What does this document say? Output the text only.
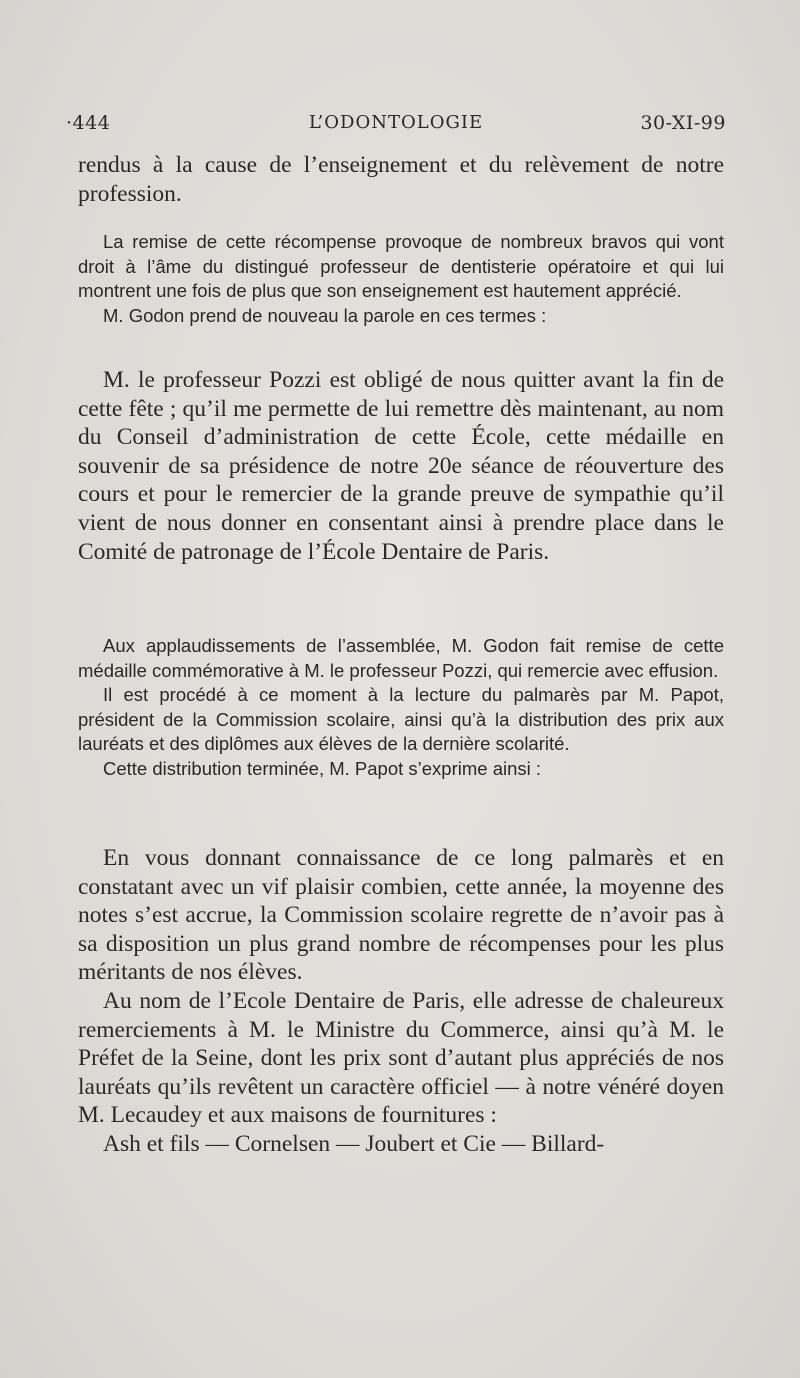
·444	L’ODONTOLOGIE	30-XI-99

rendus à la cause de l’enseignement et du relèvement de notre profession.

La remise de cette récompense provoque de nombreux bravos qui vont droit à l’âme du distingué professeur de dentisterie opératoire et qui lui montrent une fois de plus que son enseignement est hautement apprécié.

M. Godon prend de nouveau la parole en ces termes :

M. le professeur Pozzi est obligé de nous quitter avant la fin de cette fête ; qu’il me permette de lui remettre dès maintenant, au nom du Conseil d’administration de cette École, cette médaille en souvenir de sa présidence de notre 20e séance de réouverture des cours et pour le remercier de la grande preuve de sympathie qu’il vient de nous donner en consentant ainsi à prendre place dans le Comité de patronage de l’École Dentaire de Paris.

Aux applaudissements de l’assemblée, M. Godon fait remise de cette médaille commémorative à M. le professeur Pozzi, qui remercie avec effusion.

Il est procédé à ce moment à la lecture du palmarès par M. Papot, président de la Commission scolaire, ainsi qu’à la distribution des prix aux lauréats et des diplômes aux élèves de la dernière scolarité.

Cette distribution terminée, M. Papot s’exprime ainsi :

En vous donnant connaissance de ce long palmarès et en constatant avec un vif plaisir combien, cette année, la moyenne des notes s’est accrue, la Commission scolaire regrette de n’avoir pas à sa disposition un plus grand nombre de récompenses pour les plus méritants de nos élèves.

Au nom de l’Ecole Dentaire de Paris, elle adresse de chaleureux remerciements à M. le Ministre du Commerce, ainsi qu’à M. le Préfet de la Seine, dont les prix sont d’autant plus appréciés de nos lauréats qu’ils revêtent un caractère officiel — à notre vénéré doyen M. Lecaudey et aux maisons de fournitures :

Ash et fils — Cornelsen — Joubert et Cie — Billard-
